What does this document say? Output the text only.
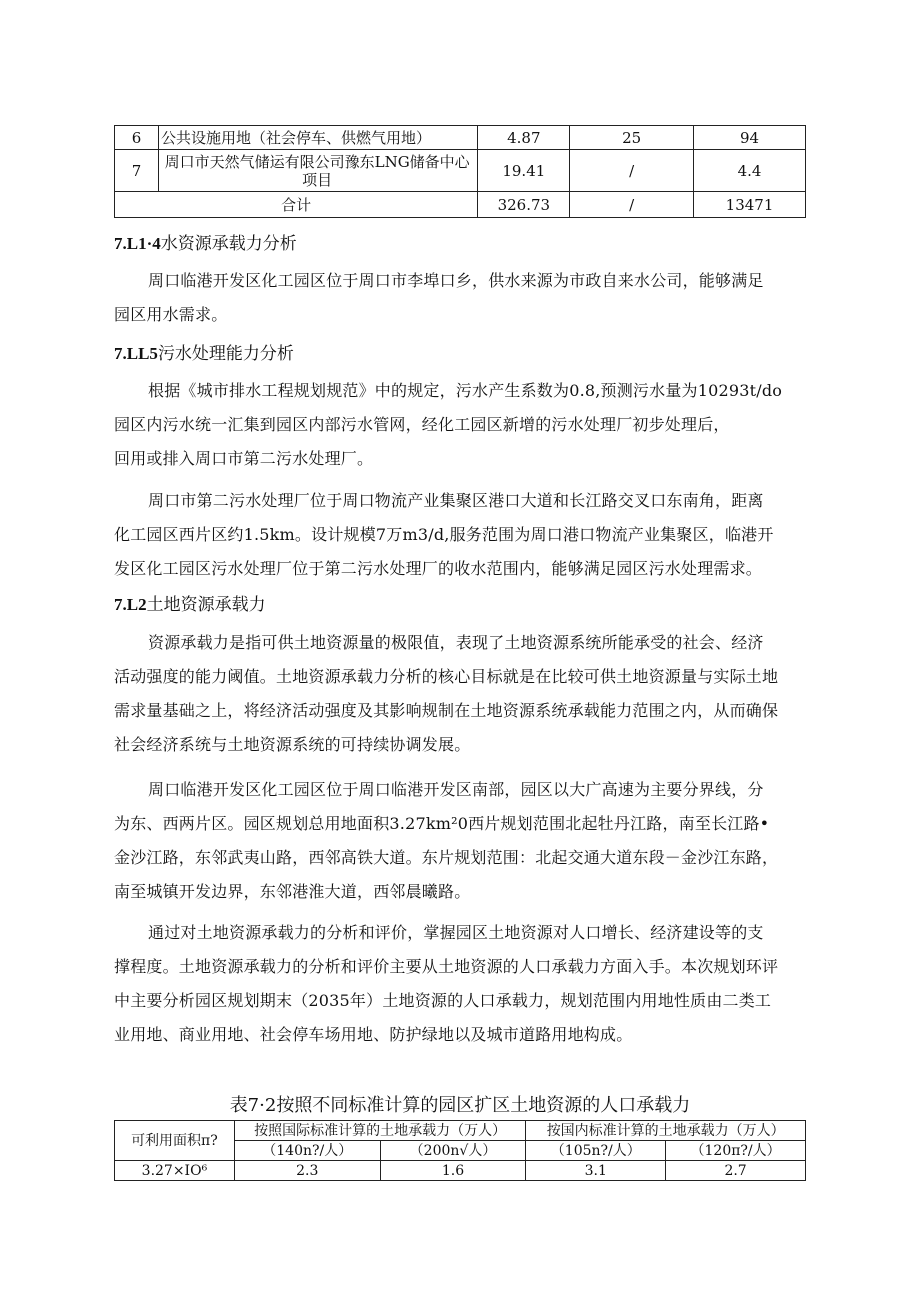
6	公共设施用地（社会停车、供燃气用地）	4.87	25	94
7	周口市天然气储运有限公司豫东LNG储备中心
项目	19.41	/	4.4
合计		326.73	/	13471
7.L1·4水资源承载力分析
周口临港开发区化工园区位于周口市李埠口乡，供水来源为市政自来水公司，能够满足
园区用水需求。
7.LL5污水处理能力分析
根据《城市排水工程规划规范》中的规定，污水产生系数为0.8,预测污水量为10293t/do
园区内污水统一汇集到园区内部污水管网，经化工园区新增的污水处理厂初步处理后，
回用或排入周口市第二污水处理厂。
周口市第二污水处理厂位于周口物流产业集聚区港口大道和长江路交叉口东南角，距离
化工园区西片区约1.5km。设计规模7万m3/d,服务范围为周口港口物流产业集聚区，临港开
发区化工园区污水处理厂位于第二污水处理厂的收水范围内，能够满足园区污水处理需求。
7.L2土地资源承载力
资源承载力是指可供土地资源量的极限值，表现了土地资源系统所能承受的社会、经济
活动强度的能力阈值。土地资源承载力分析的核心目标就是在比较可供土地资源量与实际土地
需求量基础之上，将经济活动强度及其影响规制在土地资源系统承载能力范围之内，从而确保
社会经济系统与土地资源系统的可持续协调发展。
周口临港开发区化工园区位于周口临港开发区南部，园区以大广高速为主要分界线，分
为东、西两片区。园区规划总用地面积3.27km²0西片规划范围北起牡丹江路，南至长江路•
金沙江路，东邻武夷山路，西邻高铁大道。东片规划范围：北起交通大道东段－金沙江东路，
南至城镇开发边界，东邻港淮大道，西邻晨曦路。
通过对土地资源承载力的分析和评价，掌握园区土地资源对人口增长、经济建设等的支
撑程度。土地资源承载力的分析和评价主要从土地资源的人口承载力方面入手。本次规划环评
中主要分析园区规划期末（2035年）土地资源的人口承载力，规划范围内用地性质由二类工
业用地、商业用地、社会停车场用地、防护绿地以及城市道路用地构成。
表7·2按照不同标准计算的园区扩区土地资源的人口承载力
可利用面积π?	按照国际标准计算的土地承载力（万人）		按国内标准计算的土地承载力（万人）	
	（140n?/人）	（200n√人）	（105n?/人）	（120π?/人）
3.27×IO⁶	2.3	1.6	3.1	2.7
